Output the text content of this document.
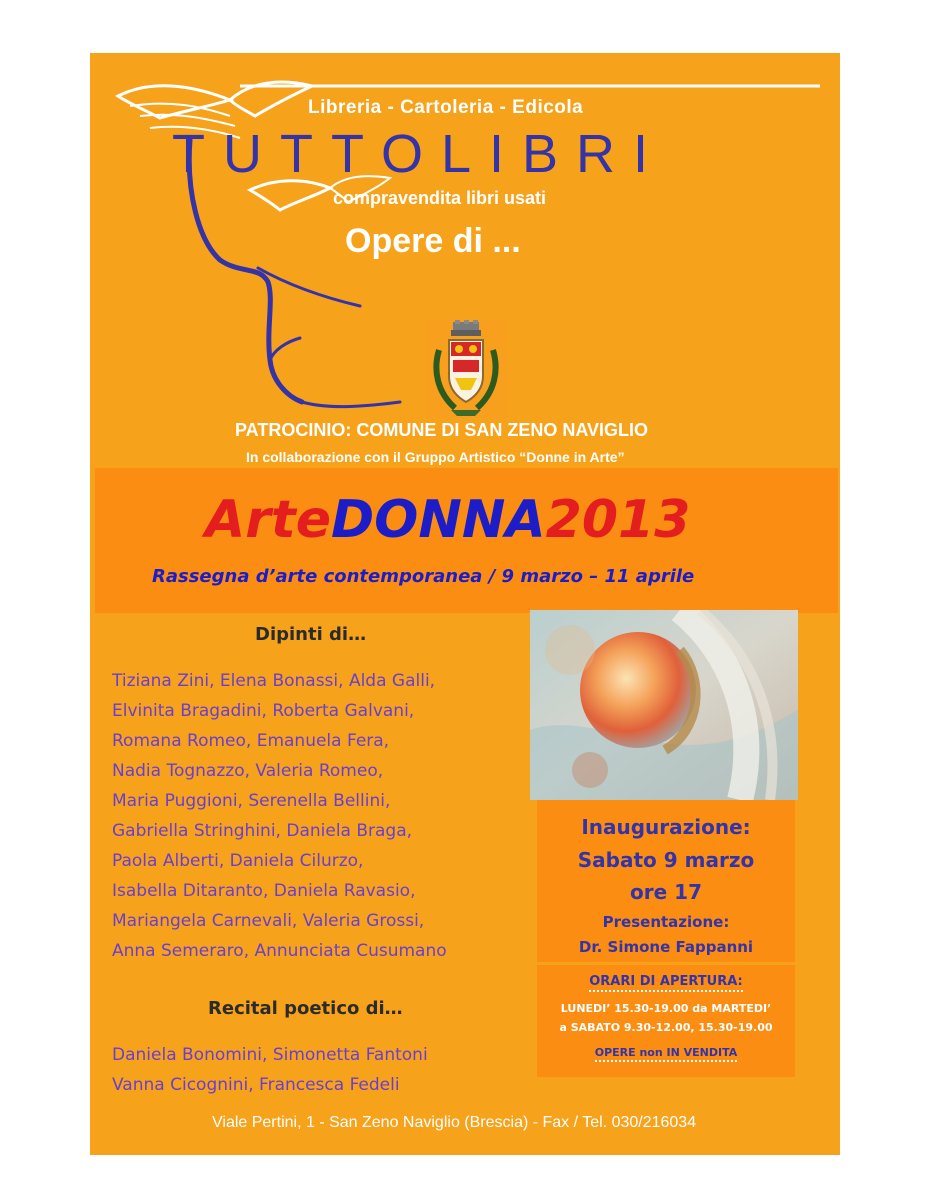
Libreria - Cartoleria - Edicola
TUTTOLIBRI
compravendita libri usati
Opere di ...
PATROCINIO: COMUNE DI SAN ZENO NAVIGLIO
In collaborazione con il Gruppo Artistico “Donne in Arte”
ArteDONNA2013
Rassegna d’arte contemporanea / 9 marzo – 11 aprile
Dipinti di…
Tiziana Zini, Elena Bonassi, Alda Galli,
Elvinita Bragadini, Roberta Galvani,
Romana Romeo, Emanuela Fera,
Nadia Tognazzo, Valeria Romeo,
Maria Puggioni, Serenella Bellini,
Gabriella Stringhini, Daniela Braga,
Paola Alberti, Daniela Cilurzo,
Isabella Ditaranto, Daniela Ravasio,
Mariangela Carnevali, Valeria Grossi,
Anna Semeraro, Annunciata Cusumano
Recital poetico di…
Daniela Bonomini, Simonetta Fantoni
Vanna Cicognini, Francesca Fedeli
Inaugurazione:
Sabato 9 marzo
ore 17
Presentazione:
Dr. Simone Fappanni
ORARI DI APERTURA:
LUNEDI’ 15.30-19.00 da MARTEDI’
a SABATO 9.30-12.00, 15.30-19.00
OPERE non IN VENDITA
Viale Pertini, 1 - San Zeno Naviglio (Brescia) - Fax / Tel. 030/216034
